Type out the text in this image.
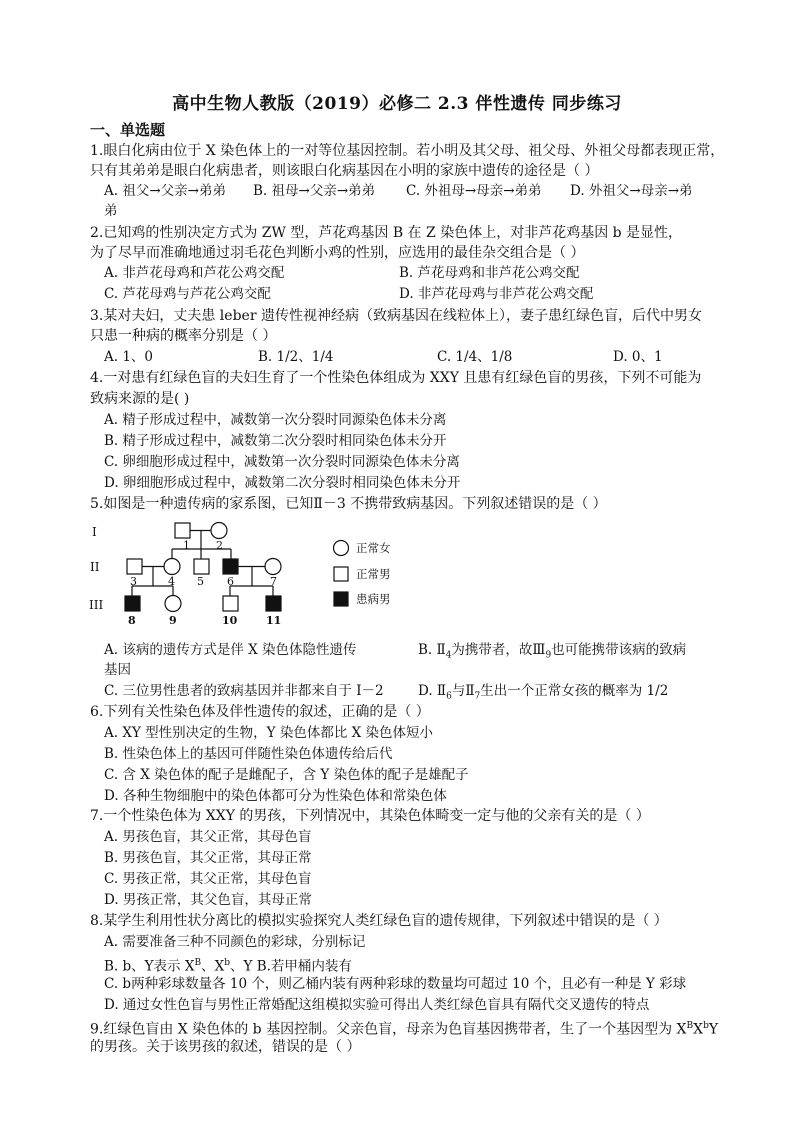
高中生物人教版（2019）必修二 2.3 伴性遗传 同步练习
一、单选题
1.眼白化病由位于 X 染色体上的一对等位基因控制。若小明及其父母、祖父母、外祖父母都表现正常，
只有其弟弟是眼白化病患者，则该眼白化病基因在小明的家族中遗传的途径是（ ）
A. 祖父→父亲→弟弟 B. 祖母→父亲→弟弟 C. 外祖母→母亲→弟弟 D. 外祖父→母亲→弟
弟
2.已知鸡的性别决定方式为 ZW 型，芦花鸡基因 B 在 Z 染色体上，对非芦花鸡基因 b 是显性，
为了尽早而准确地通过羽毛花色判断小鸡的性别，应选用的最佳杂交组合是（ ）
A. 非芦花母鸡和芦花公鸡交配	B. 芦花母鸡和非芦花公鸡交配
C. 芦花母鸡与芦花公鸡交配	D. 非芦花母鸡与非芦花公鸡交配
3.某对夫妇，丈夫患 leber 遗传性视神经病（致病基因在线粒体上），妻子患红绿色盲，后代中男女
只患一种病的概率分别是（ ）
A. 1、0	B. 1/2、1/4	C. 1/4、1/8	D. 0、1
4.一对患有红绿色盲的夫妇生育了一个性染色体组成为 XXY 且患有红绿色盲的男孩，下列不可能为
致病来源的是( )
A. 精子形成过程中，减数第一次分裂时同源染色体未分离
B. 精子形成过程中，减数第二次分裂时相同染色体未分开
C. 卵细胞形成过程中，减数第一次分裂时同源染色体未分离
D. 卵细胞形成过程中，减数第二次分裂时相同染色体未分开
5.如图是一种遗传病的家系图，已知Ⅱ－3 不携带致病基因。下列叙述错误的是（ ）
I
II
III
1 2
3	4 5 6	7
8	9	10	11
正常女
正常男
患病男
A. 该病的遗传方式是伴 X 染色体隐性遗传	B. $Ⅱ_4$为携带者，故$Ⅲ_9$也可能携带该病的致病
基因
C. 三位男性患者的致病基因并非都来自于 Ⅰ－2	D. $Ⅱ_6$与$Ⅱ_7$生出一个正常女孩的概率为 1/2
6.下列有关性染色体及伴性遗传的叙述，正确的是（ ）
A. XY 型性别决定的生物，Y 染色体都比 X 染色体短小
B. 性染色体上的基因可伴随性染色体遗传给后代
C. 含 X 染色体的配子是雌配子，含 Y 染色体的配子是雄配子
D. 各种生物细胞中的染色体都可分为性染色体和常染色体
7.一个性染色体为 XXY 的男孩，下列情况中，其染色体畸变一定与他的父亲有关的是（ ）
A. 男孩色盲，其父正常，其母色盲
B. 男孩色盲，其父正常，其母正常
C. 男孩正常，其父正常，其母色盲
D. 男孩正常，其父色盲，其母正常
8.某学生利用性状分离比的模拟实验探究人类红绿色盲的遗传规律，下列叙述中错误的是（ ）
A. 需要准备三种不同颜色的彩球，分别标记
B. b、Y表示 $X^B$、$X^b$、Y B.若甲桶内装有
C. b两种彩球数量各 10 个，则乙桶内装有两种彩球的数量均可超过 10 个，且必有一种是 Y 彩球
D. 通过女性色盲与男性正常婚配这组模拟实验可得出人类红绿色盲具有隔代交叉遗传的特点
9.红绿色盲由 X 染色体的 b 基因控制。父亲色盲，母亲为色盲基因携带者，生了一个基因型为 $X^BX^bY$
的男孩。关于该男孩的叙述，错误的是（ ）
